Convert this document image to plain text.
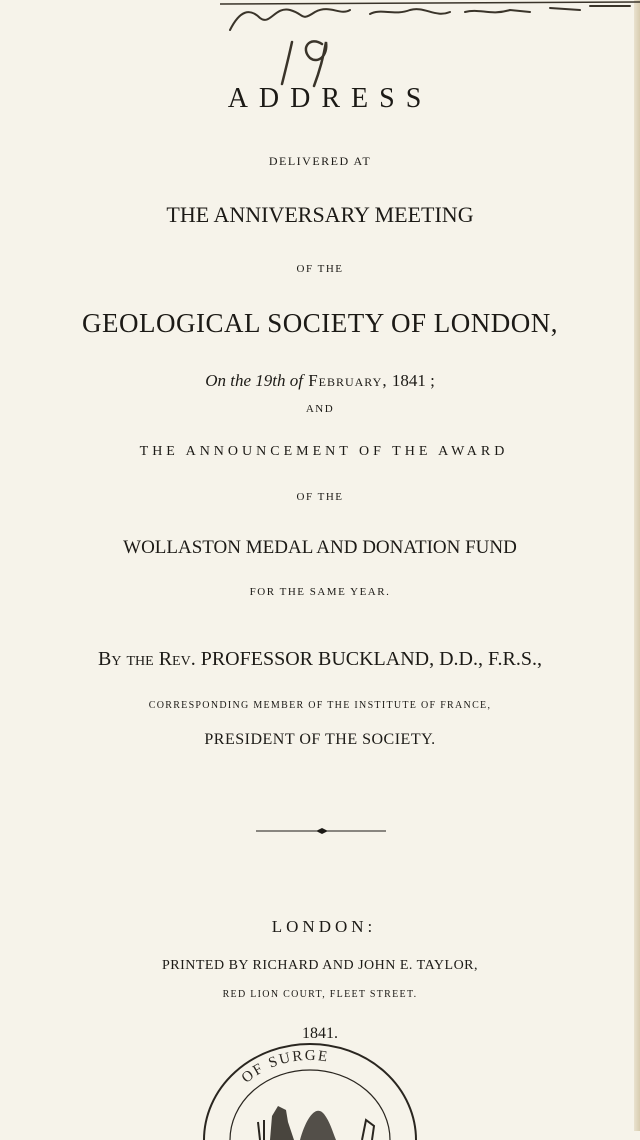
ADDRESS
DELIVERED AT
THE ANNIVERSARY MEETING
OF THE
GEOLOGICAL SOCIETY OF LONDON,
On the 19th of February, 1841 ;
AND
THE ANNOUNCEMENT OF THE AWARD
OF THE
WOLLASTON MEDAL AND DONATION FUND
FOR THE SAME YEAR.
By the Rev. PROFESSOR BUCKLAND, D.D., F.R.S.,
CORRESPONDING MEMBER OF THE INSTITUTE OF FRANCE,
PRESIDENT OF THE SOCIETY.
LONDON:
PRINTED BY RICHARD AND JOHN E. TAYLOR,
RED LION COURT, FLEET STREET.
1841.
OF SURGE
